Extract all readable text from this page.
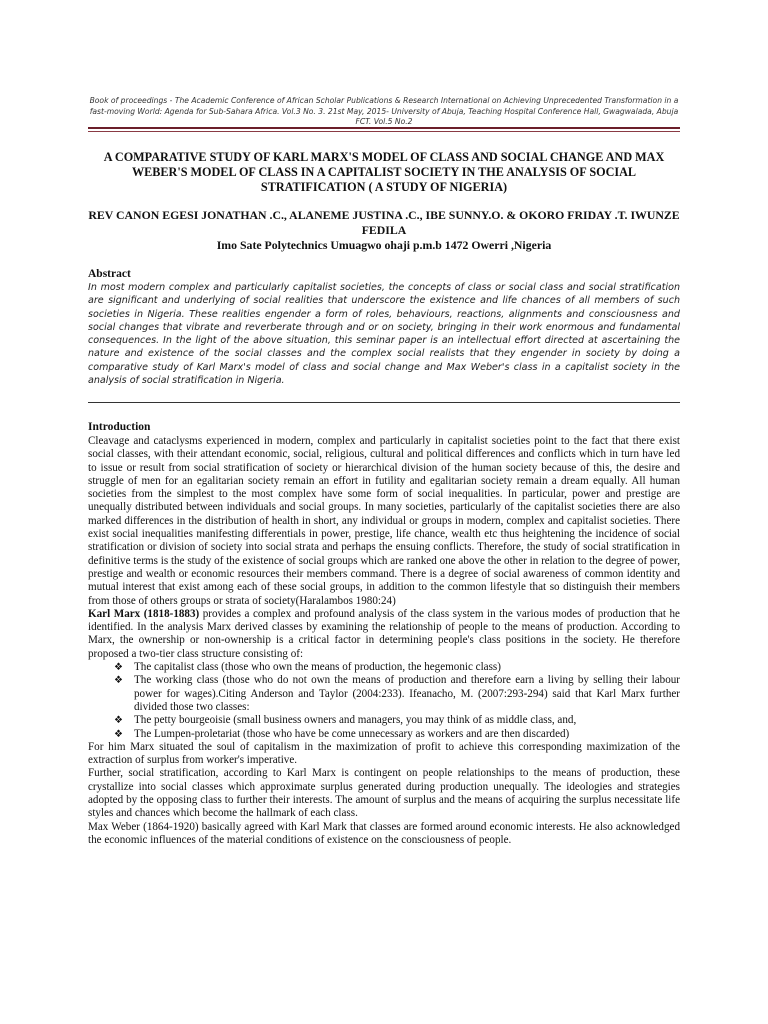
Book of proceedings - The Academic Conference of African Scholar Publications & Research International on Achieving Unprecedented Transformation in a fast-moving World: Agenda for Sub-Sahara Africa. Vol.3 No. 3. 21st May, 2015- University of Abuja, Teaching Hospital Conference Hall, Gwagwalada, Abuja FCT. Vol.5 No.2
A COMPARATIVE STUDY OF KARL MARX'S MODEL OF CLASS AND SOCIAL CHANGE AND MAX WEBER'S MODEL OF CLASS IN A CAPITALIST SOCIETY IN THE ANALYSIS OF SOCIAL STRATIFICATION ( A STUDY OF NIGERIA)
REV CANON EGESI JONATHAN .C., ALANEME JUSTINA .C., IBE SUNNY.O. & OKORO FRIDAY .T. IWUNZE FEDILA
Imo Sate Polytechnics Umuagwo ohaji p.m.b 1472 Owerri ,Nigeria
Abstract

In most modern complex and particularly capitalist societies, the concepts of class or social class and social stratification are significant and underlying of social realities that underscore the existence and life chances of all members of such societies in Nigeria. These realities engender a form of roles, behaviours, reactions, alignments and consciousness and social changes that vibrate and reverberate through and or on society, bringing in their work enormous and fundamental consequences. In the light of the above situation, this seminar paper is an intellectual effort directed at ascertaining the nature and existence of the social classes and the complex social realists that they engender in society by doing a comparative study of Karl Marx's model of class and social change and Max Weber's class in a capitalist society in the analysis of social stratification in Nigeria.

Introduction

Cleavage and cataclysms experienced in modern, complex and particularly in capitalist societies point to the fact that there exist social classes, with their attendant economic, social, religious, cultural and political differences and conflicts which in turn have led to issue or result from social stratification of society or hierarchical division of the human society because of this, the desire and struggle of men for an egalitarian society remain an effort in futility and egalitarian society remain a dream equally. All human societies from the simplest to the most complex have some form of social inequalities. In particular, power and prestige are unequally distributed between individuals and social groups. In many societies, particularly of the capitalist societies there are also marked differences in the distribution of health in short, any individual or groups in modern, complex and capitalist societies. There exist social inequalities manifesting differentials in power, prestige, life chance, wealth etc thus heightening the incidence of social stratification or division of society into social strata and perhaps the ensuing conflicts. Therefore, the study of social stratification in definitive terms is the study of the existence of social groups which are ranked one above the other in relation to the degree of power, prestige and wealth or economic resources their members command. There is a degree of social awareness of common identity and mutual interest that exist among each of these social groups, in addition to the common lifestyle that so distinguish their members from those of others groups or strata of society(Haralambos 1980:24)

Karl Marx (1818-1883) provides a complex and profound analysis of the class system in the various modes of production that he identified. In the analysis Marx derived classes by examining the relationship of people to the means of production. According to Marx, the ownership or non-ownership is a critical factor in determining people's class positions in the society. He therefore proposed a two-tier class structure consisting of:

❖ The capitalist class (those who own the means of production, the hegemonic class)
❖ The working class (those who do not own the means of production and therefore earn a living by selling their labour power for wages).Citing Anderson and Taylor (2004:233). Ifeanacho, M. (2007:293-294) said that Karl Marx further divided those two classes:
❖ The petty bourgeoisie (small business owners and managers, you may think of as middle class, and,
❖ The Lumpen-proletariat (those who have be come unnecessary as workers and are then discarded)

For him Marx situated the soul of capitalism in the maximization of profit to achieve this corresponding maximization of the extraction of surplus from worker's imperative.

Further, social stratification, according to Karl Marx is contingent on people relationships to the means of production, these crystallize into social classes which approximate surplus generated during production unequally. The ideologies and strategies adopted by the opposing class to further their interests. The amount of surplus and the means of acquiring the surplus necessitate life styles and chances which become the hallmark of each class.

Max Weber (1864-1920) basically agreed with Karl Mark that classes are formed around economic interests. He also acknowledged the economic influences of the material conditions of existence on the consciousness of people.
